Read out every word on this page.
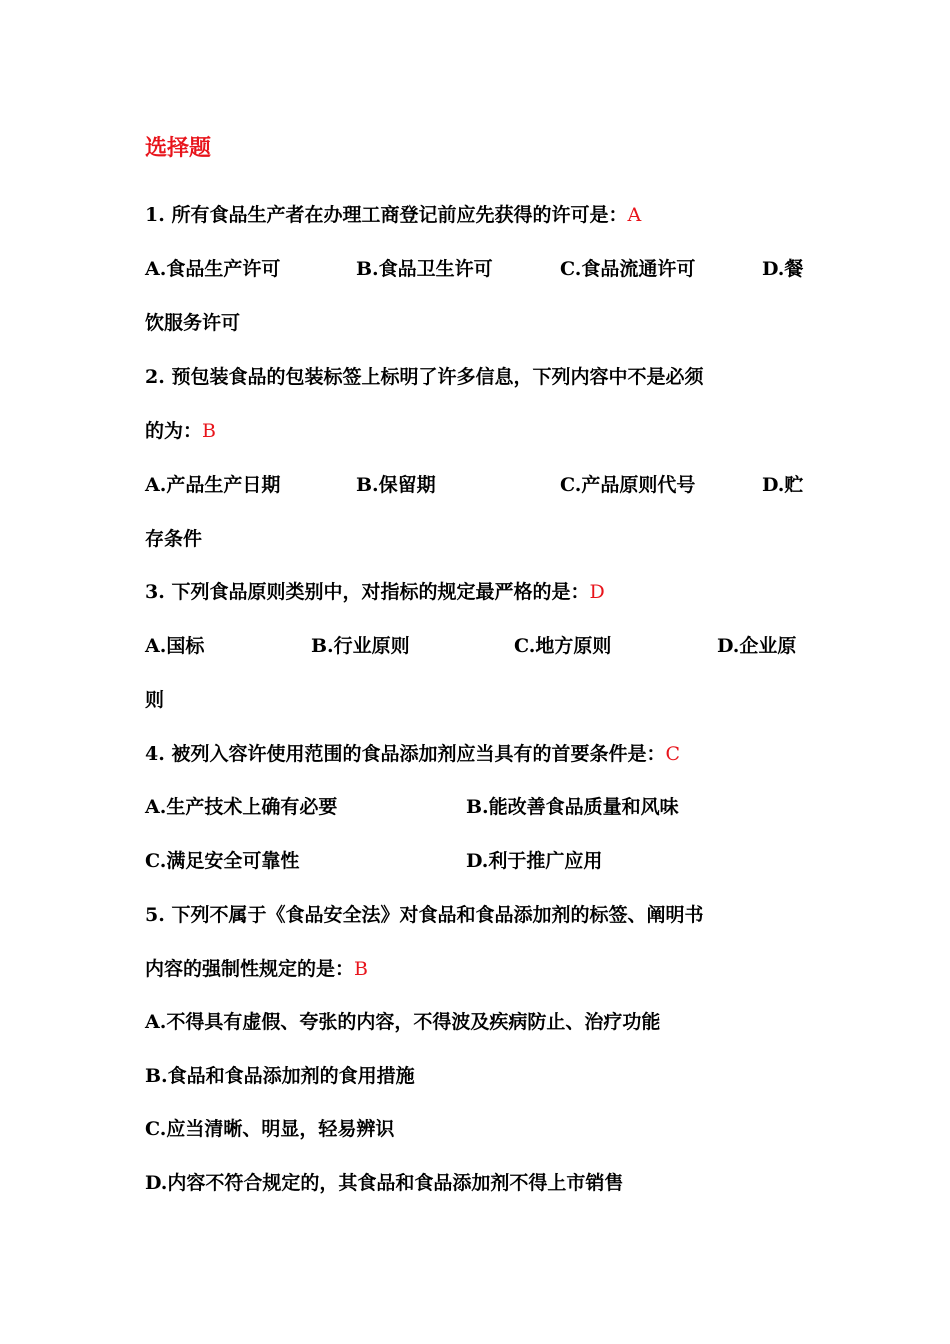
选择题
1. 所有食品生产者在办理工商登记前应先获得的许可是：A
A.食品生产许可	B.食品卫生许可	C.食品流通许可	D.餐
饮服务许可
2. 预包装食品的包装标签上标明了许多信息，下列内容中不是必须
的为：B
A.产品生产日期	B.保留期	C.产品原则代号	D.贮
存条件
3. 下列食品原则类别中，对指标的规定最严格的是：D
A.国标	B.行业原则	C.地方原则	D.企业原
则
4. 被列入容许使用范围的食品添加剂应当具有的首要条件是：C
A.生产技术上确有必要	B.能改善食品质量和风味
C.满足安全可靠性	D.利于推广应用
5. 下列不属于《食品安全法》对食品和食品添加剂的标签、阐明书
内容的强制性规定的是：B
A.不得具有虚假、夸张的内容，不得波及疾病防止、治疗功能
B.食品和食品添加剂的食用措施
C.应当清晰、明显，轻易辨识
D.内容不符合规定的，其食品和食品添加剂不得上市销售
